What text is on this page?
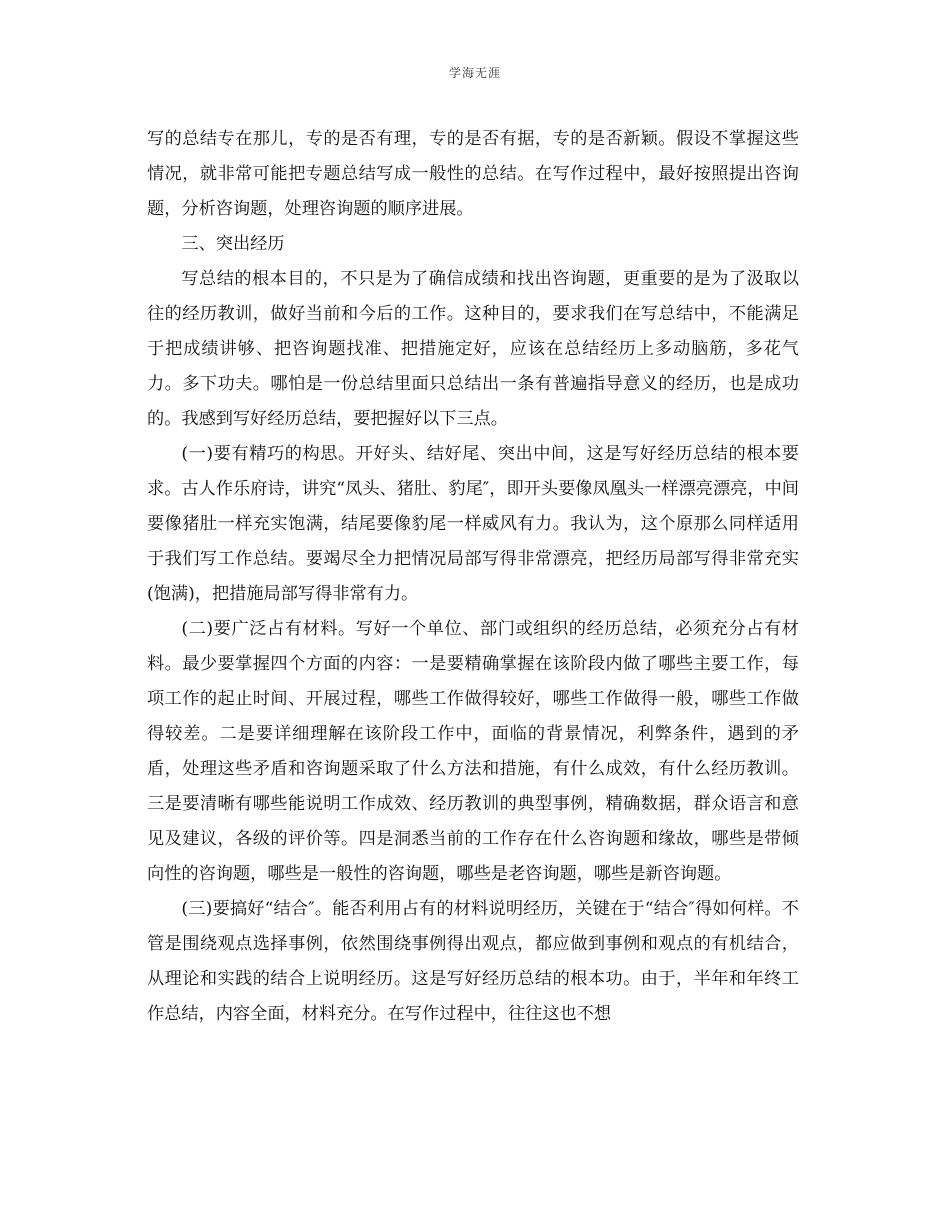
学海无涯

写的总结专在那儿，专的是否有理，专的是否有据，专的是否新颖。假设不掌握这些情况，就非常可能把专题总结写成一般性的总结。在写作过程中，最好按照提出咨询题，分析咨询题，处理咨询题的顺序进展。

三、突出经历

写总结的根本目的，不只是为了确信成绩和找出咨询题，更重要的是为了汲取以往的经历教训，做好当前和今后的工作。这种目的，要求我们在写总结中，不能满足于把成绩讲够、把咨询题找准、把措施定好，应该在总结经历上多动脑筋，多花气力。多下功夫。哪怕是一份总结里面只总结出一条有普遍指导意义的经历，也是成功的。我感到写好经历总结，要把握好以下三点。

(一)要有精巧的构思。开好头、结好尾、突出中间，这是写好经历总结的根本要求。古人作乐府诗，讲究“凤头、猪肚、豹尾″，即开头要像凤凰头一样漂亮漂亮，中间要像猪肚一样充实饱满，结尾要像豹尾一样威风有力。我认为，这个原那么同样适用于我们写工作总结。要竭尽全力把情况局部写得非常漂亮，把经历局部写得非常充实(饱满)，把措施局部写得非常有力。

(二)要广泛占有材料。写好一个单位、部门或组织的经历总结，必须充分占有材料。最少要掌握四个方面的内容：一是要精确掌握在该阶段内做了哪些主要工作，每项工作的起止时间、开展过程，哪些工作做得较好，哪些工作做得一般，哪些工作做得较差。二是要详细理解在该阶段工作中，面临的背景情况，利弊条件，遇到的矛盾，处理这些矛盾和咨询题采取了什么方法和措施，有什么成效，有什么经历教训。三是要清晰有哪些能说明工作成效、经历教训的典型事例，精确数据，群众语言和意见及建议，各级的评价等。四是洞悉当前的工作存在什么咨询题和缘故，哪些是带倾向性的咨询题，哪些是一般性的咨询题，哪些是老咨询题，哪些是新咨询题。

(三)要搞好“结合″。能否利用占有的材料说明经历，关键在于“结合″得如何样。不管是围绕观点选择事例，依然围绕事例得出观点，都应做到事例和观点的有机结合，从理论和实践的结合上说明经历。这是写好经历总结的根本功。由于，半年和年终工作总结，内容全面，材料充分。在写作过程中，往往这也不想
